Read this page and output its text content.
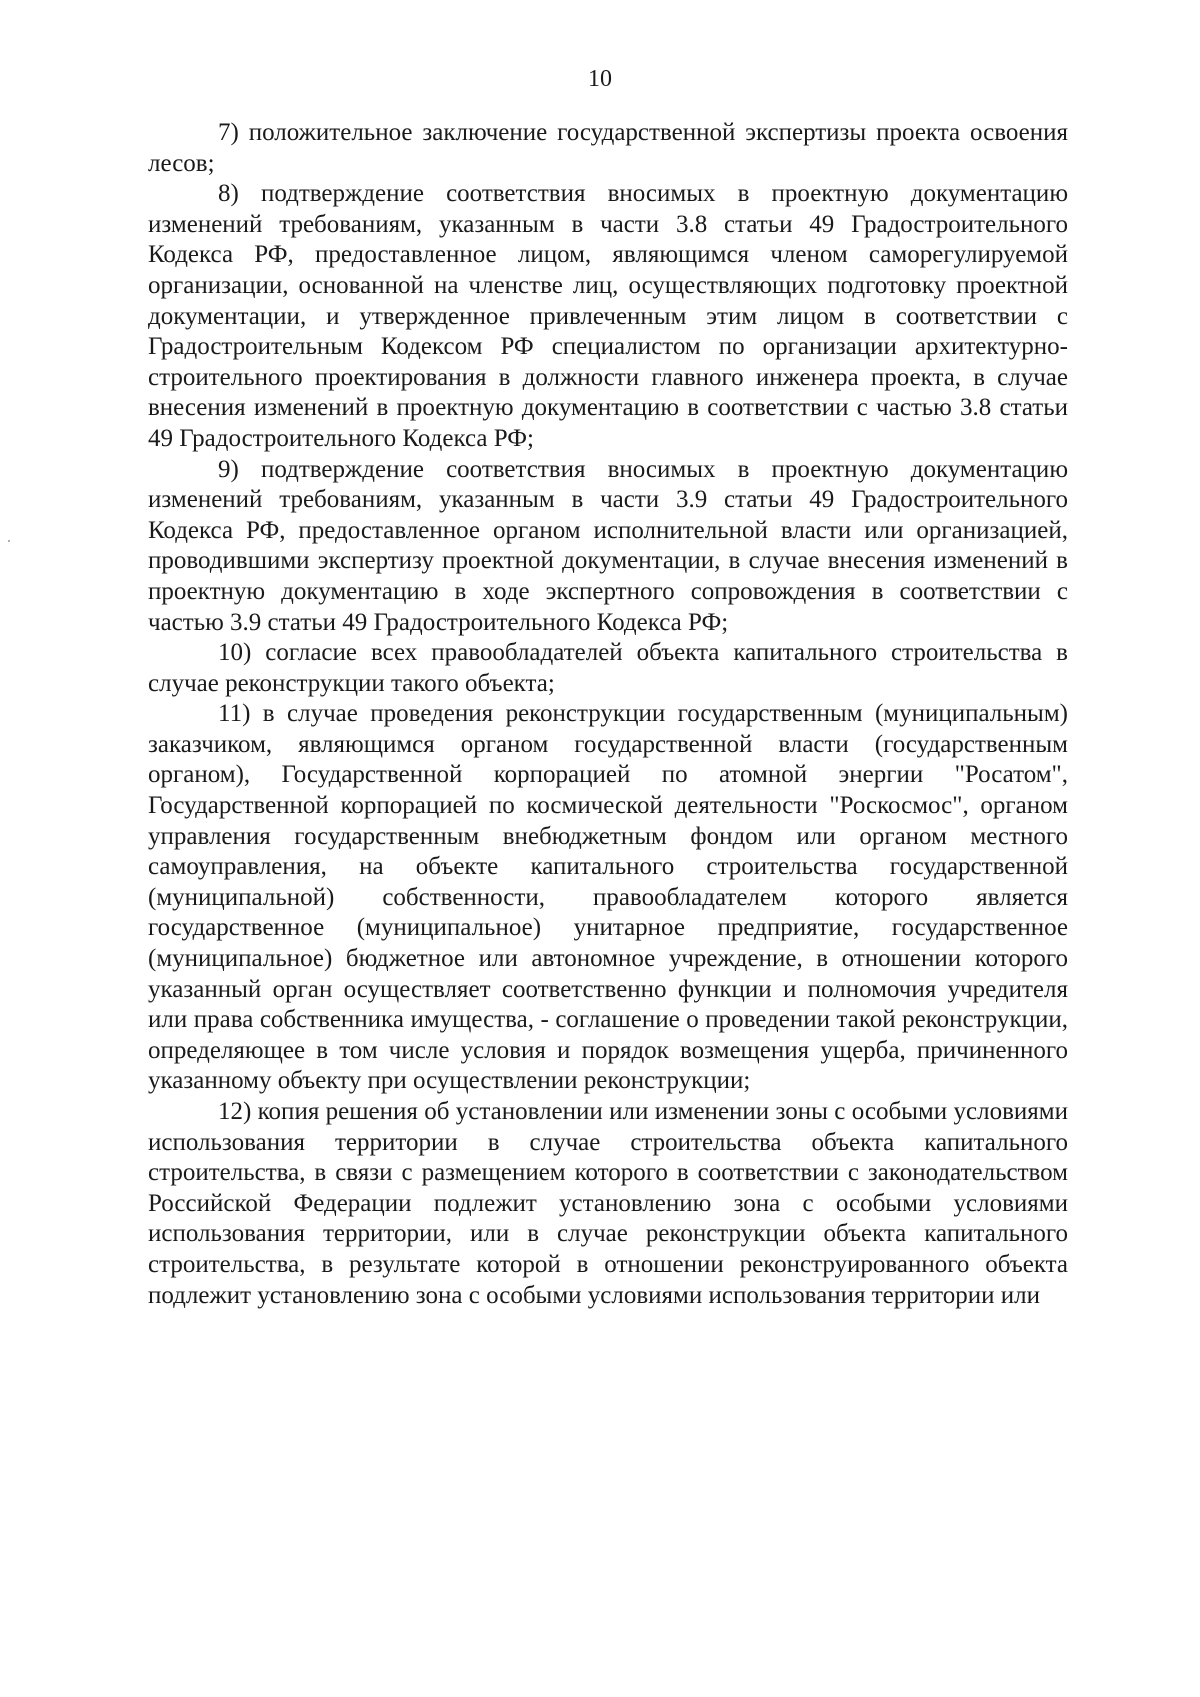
10

7) положительное заключение государственной экспертизы проекта освоения лесов;

8) подтверждение соответствия вносимых в проектную документацию изменений требованиям, указанным в части 3.8 статьи 49 Градостроительного Кодекса РФ, предоставленное лицом, являющимся членом саморегулируемой организации, основанной на членстве лиц, осуществляющих подготовку проектной документации, и утвержденное привлеченным этим лицом в соответствии с Градостроительным Кодексом РФ специалистом по организации архитектурно-строительного проектирования в должности главного инженера проекта, в случае внесения изменений в проектную документацию в соответствии с частью 3.8 статьи 49 Градостроительного Кодекса РФ;

9) подтверждение соответствия вносимых в проектную документацию изменений требованиям, указанным в части 3.9 статьи 49 Градостроительного Кодекса РФ, предоставленное органом исполнительной власти или организацией, проводившими экспертизу проектной документации, в случае внесения изменений в проектную документацию в ходе экспертного сопровождения в соответствии с частью 3.9 статьи 49 Градостроительного Кодекса РФ;

10) согласие всех правообладателей объекта капитального строительства в случае реконструкции такого объекта;

11) в случае проведения реконструкции государственным (муниципальным) заказчиком, являющимся органом государственной власти (государственным органом), Государственной корпорацией по атомной энергии "Росатом", Государственной корпорацией по космической деятельности "Роскосмос", органом управления государственным внебюджетным фондом или органом местного самоуправления, на объекте капитального строительства государственной (муниципальной) собственности, правообладателем которого является государственное (муниципальное) унитарное предприятие, государственное (муниципальное) бюджетное или автономное учреждение, в отношении которого указанный орган осуществляет соответственно функции и полномочия учредителя или права собственника имущества, - соглашение о проведении такой реконструкции, определяющее в том числе условия и порядок возмещения ущерба, причиненного указанному объекту при осуществлении реконструкции;

12) копия решения об установлении или изменении зоны с особыми условиями использования территории в случае строительства объекта капитального строительства, в связи с размещением которого в соответствии с законодательством Российской Федерации подлежит установлению зона с особыми условиями использования территории, или в случае реконструкции объекта капитального строительства, в результате которой в отношении реконструированного объекта подлежит установлению зона с особыми условиями использования территории или
